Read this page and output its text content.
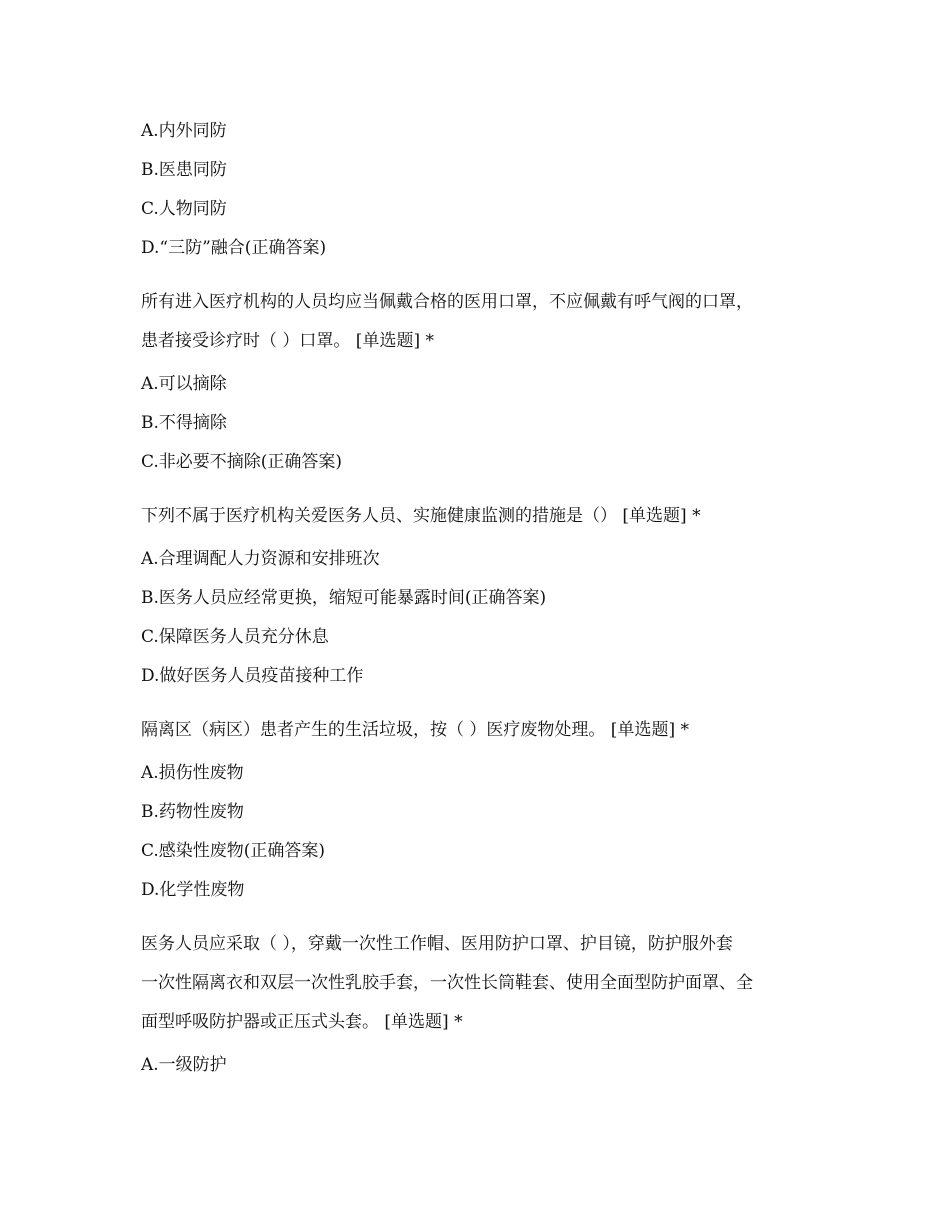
A.内外同防
B.医患同防
C.人物同防
D.“三防”融合(正确答案)
所有进入医疗机构的人员均应当佩戴合格的医用口罩，不应佩戴有呼气阀的口罩，
患者接受诊疗时（ ）口罩。 [单选题] *
A.可以摘除
B.不得摘除
C.非必要不摘除(正确答案)
下列不属于医疗机构关爱医务人员、实施健康监测的措施是（） [单选题] *
A.合理调配人力资源和安排班次
B.医务人员应经常更换，缩短可能暴露时间(正确答案)
C.保障医务人员充分休息
D.做好医务人员疫苗接种工作
隔离区（病区）患者产生的生活垃圾，按（ ）医疗废物处理。 [单选题] *
A.损伤性废物
B.药物性废物
C.感染性废物(正确答案)
D.化学性废物
医务人员应采取（ ），穿戴一次性工作帽、医用防护口罩、护目镜，防护服外套
一次性隔离衣和双层一次性乳胶手套，一次性长筒鞋套、使用全面型防护面罩、全
面型呼吸防护器或正压式头套。 [单选题] *
A.一级防护
